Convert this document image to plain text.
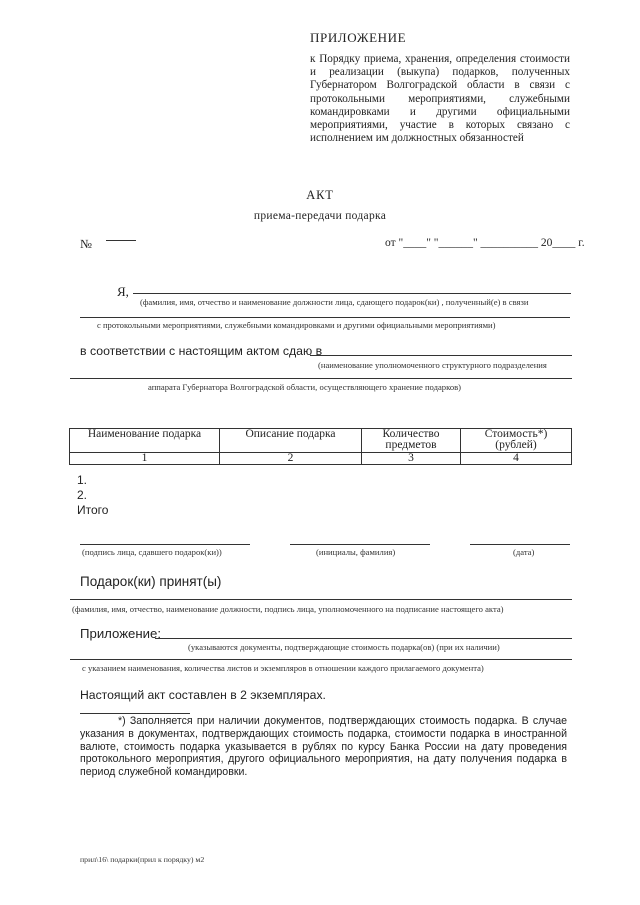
ПРИЛОЖЕНИЕ
к Порядку приема, хранения, определения стоимости и реализации (выкупа) подарков, полученных Губернатором Волгоградской области в связи с протокольными мероприятиями, служебными командировками и другими официальными мероприятиями, участие в которых связано с исполнением им должностных обязанностей
АКТ
приема-передачи подарка
№	от "____" "______" __________ 20____ г.
Я,
(фамилия, имя, отчество и наименование должности лица, сдающего подарок(ки) , полученный(е) в связи
с протокольными мероприятиями, служебными командировками и другими официальными мероприятиями)
в соответствии с настоящим актом сдаю в
(наименование уполномоченного структурного подразделения
аппарата Губернатора Волгоградской области, осуществляющего хранение подарков)
Наименование подарка	Описание подарка	Количество предметов	Стоимость*) (рублей)
1	2	3	4
1.
2.
Итого
(подпись лица, сдавшего подарок(ки))	(инициалы, фамилия)	(дата)
Подарок(ки) принят(ы)
(фамилия, имя, отчество, наименование должности, подпись лица, уполномоченного на подписание настоящего акта)
Приложение:
(указываются документы, подтверждающие стоимость подарка(ов) (при их наличии)
с указанием наименования, количества листов и экземпляров в отношении каждого прилагаемого документа)
Настоящий акт составлен в 2 экземплярах.
*) Заполняется при наличии документов, подтверждающих стоимость подарка. В случае указания в документах, подтверждающих стоимость подарка, стоимости подарка в иностранной валюте, стоимость подарка указывается в рублях по курсу Банка России на дату проведения протокольного мероприятия, другого официального мероприятия, на дату получения подарка в период служебной командировки.
прил\16\ подарки(прил к порядку) м2
